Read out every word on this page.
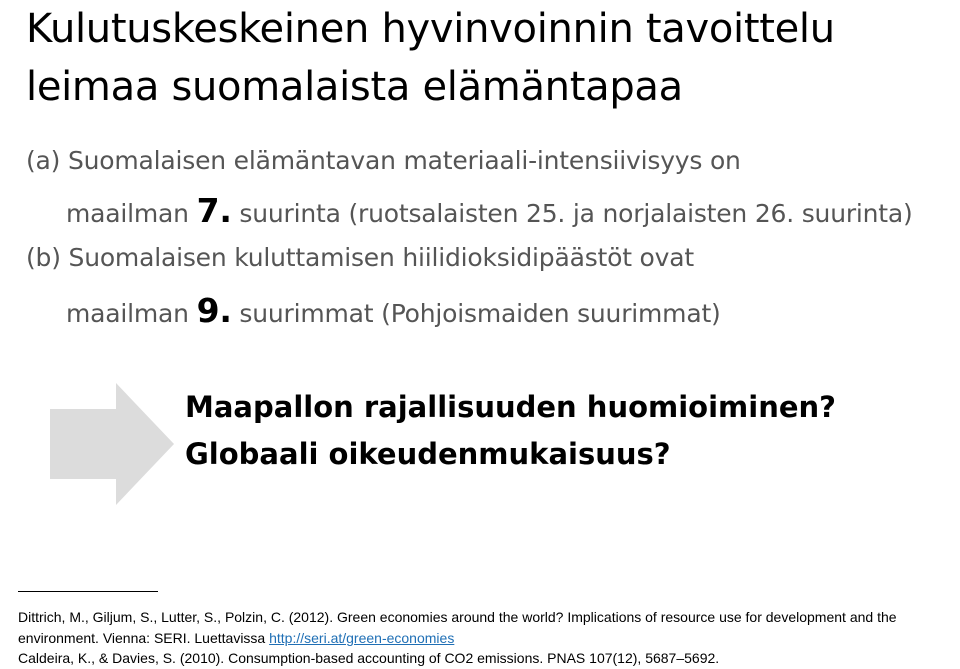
Kulutuskeskeinen hyvinvoinnin tavoittelu
leimaa suomalaista elämäntapaa
(a) Suomalaisen elämäntavan materiaali-intensiivisyys on
maailman 7. suurinta (ruotsalaisten 25. ja norjalaisten 26. suurinta)
(b) Suomalaisen kuluttamisen hiilidioksidipäästöt ovat
maailman 9. suurimmat (Pohjoismaiden suurimmat)
Maapallon rajallisuuden huomioiminen?
Globaali oikeudenmukaisuus?
Dittrich, M., Giljum, S., Lutter, S., Polzin, C. (2012). Green economies around the world? Implications of resource use for development and the
environment. Vienna: SERI. Luettavissa http://seri.at/green-economies
Caldeira, K., & Davies, S. (2010). Consumption-based accounting of CO2 emissions. PNAS 107(12), 5687–5692.
